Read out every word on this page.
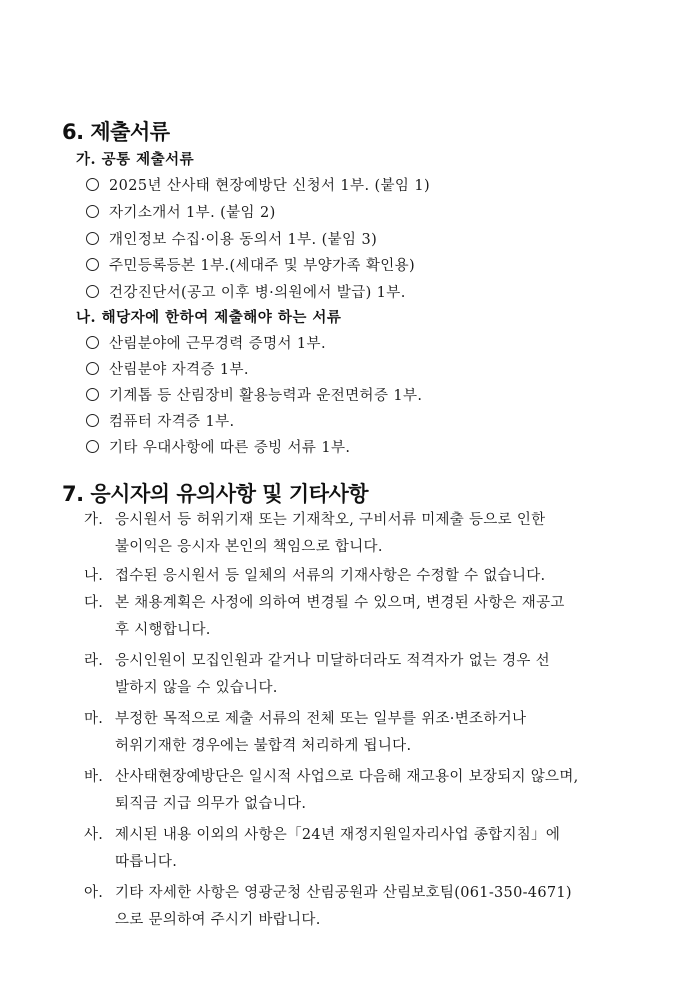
6. 제출서류
가. 공통 제출서류
2025년 산사태 현장예방단 신청서 1부. (붙임 1)
자기소개서 1부. (붙임 2)
개인정보 수집·이용 동의서 1부. (붙임 3)
주민등록등본 1부.(세대주 및 부양가족 확인용)
건강진단서(공고 이후 병·의원에서 발급) 1부.
나. 해당자에 한하여 제출해야 하는 서류
산림분야에 근무경력 증명서 1부.
산림분야 자격증 1부.
기계톱 등 산림장비 활용능력과 운전면허증 1부.
컴퓨터 자격증 1부.
기타 우대사항에 따른 증빙 서류 1부.
7. 응시자의 유의사항 및 기타사항
가. 응시원서 등 허위기재 또는 기재착오, 구비서류 미제출 등으로 인한
불이익은 응시자 본인의 책임으로 합니다.
나. 접수된 응시원서 등 일체의 서류의 기재사항은 수정할 수 없습니다.
다. 본 채용계획은 사정에 의하여 변경될 수 있으며, 변경된 사항은 재공고
후 시행합니다.
라. 응시인원이 모집인원과 같거나 미달하더라도 적격자가 없는 경우 선
발하지 않을 수 있습니다.
마. 부정한 목적으로 제출 서류의 전체 또는 일부를 위조·변조하거나
허위기재한 경우에는 불합격 처리하게 됩니다.
바. 산사태현장예방단은 일시적 사업으로 다음해 재고용이 보장되지 않으며,
퇴직금 지급 의무가 없습니다.
사. 제시된 내용 이외의 사항은「24년 재정지원일자리사업 종합지침」에
따릅니다.
아. 기타 자세한 사항은 영광군청 산림공원과 산림보호팀(061-350-4671)
으로 문의하여 주시기 바랍니다.
